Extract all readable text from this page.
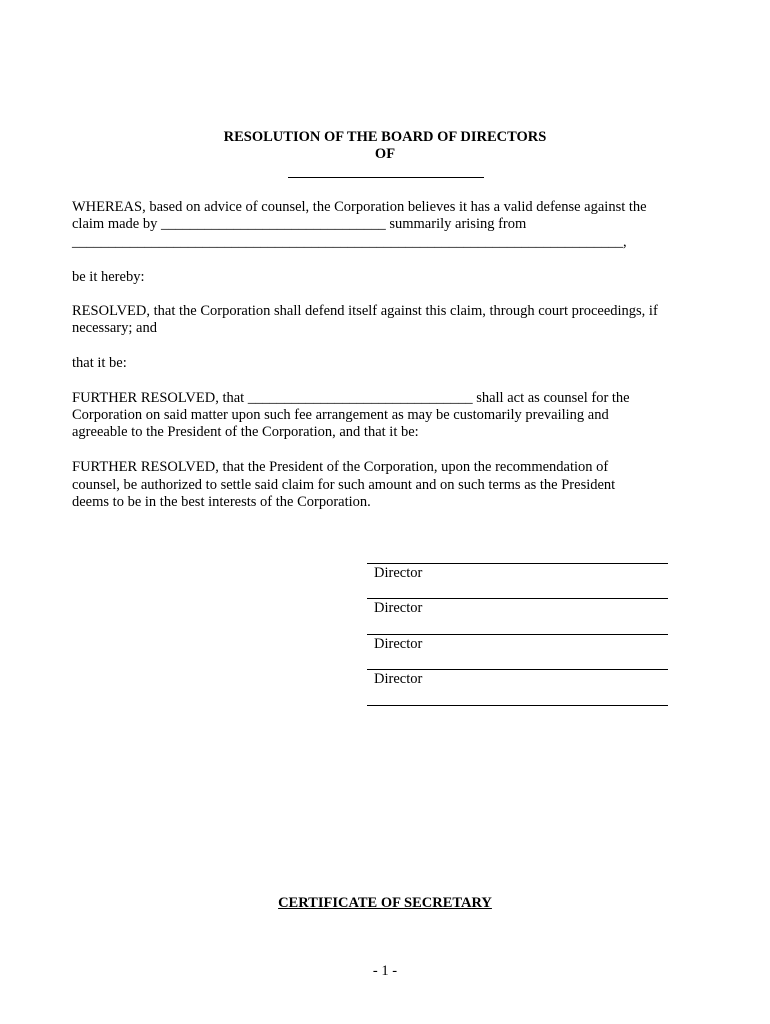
RESOLUTION OF THE BOARD OF DIRECTORS
OF
WHEREAS, based on advice of counsel, the Corporation believes it has a valid defense against the
claim made by _______________________________ summarily arising from
____________________________________________________________________________,
be it hereby:
RESOLVED, that the Corporation shall defend itself against this claim, through court proceedings, if
necessary; and
that it be:
FURTHER RESOLVED, that _______________________________ shall act as counsel for the
Corporation on said matter upon such fee arrangement as may be customarily prevailing and
agreeable to the President of the Corporation, and that it be:
FURTHER RESOLVED, that the President of the Corporation, upon the recommendation of
counsel, be authorized to settle said claim for such amount and on such terms as the President
deems to be in the best interests of the Corporation.
Director
Director
Director
Director
CERTIFICATE OF SECRETARY
- 1 -
